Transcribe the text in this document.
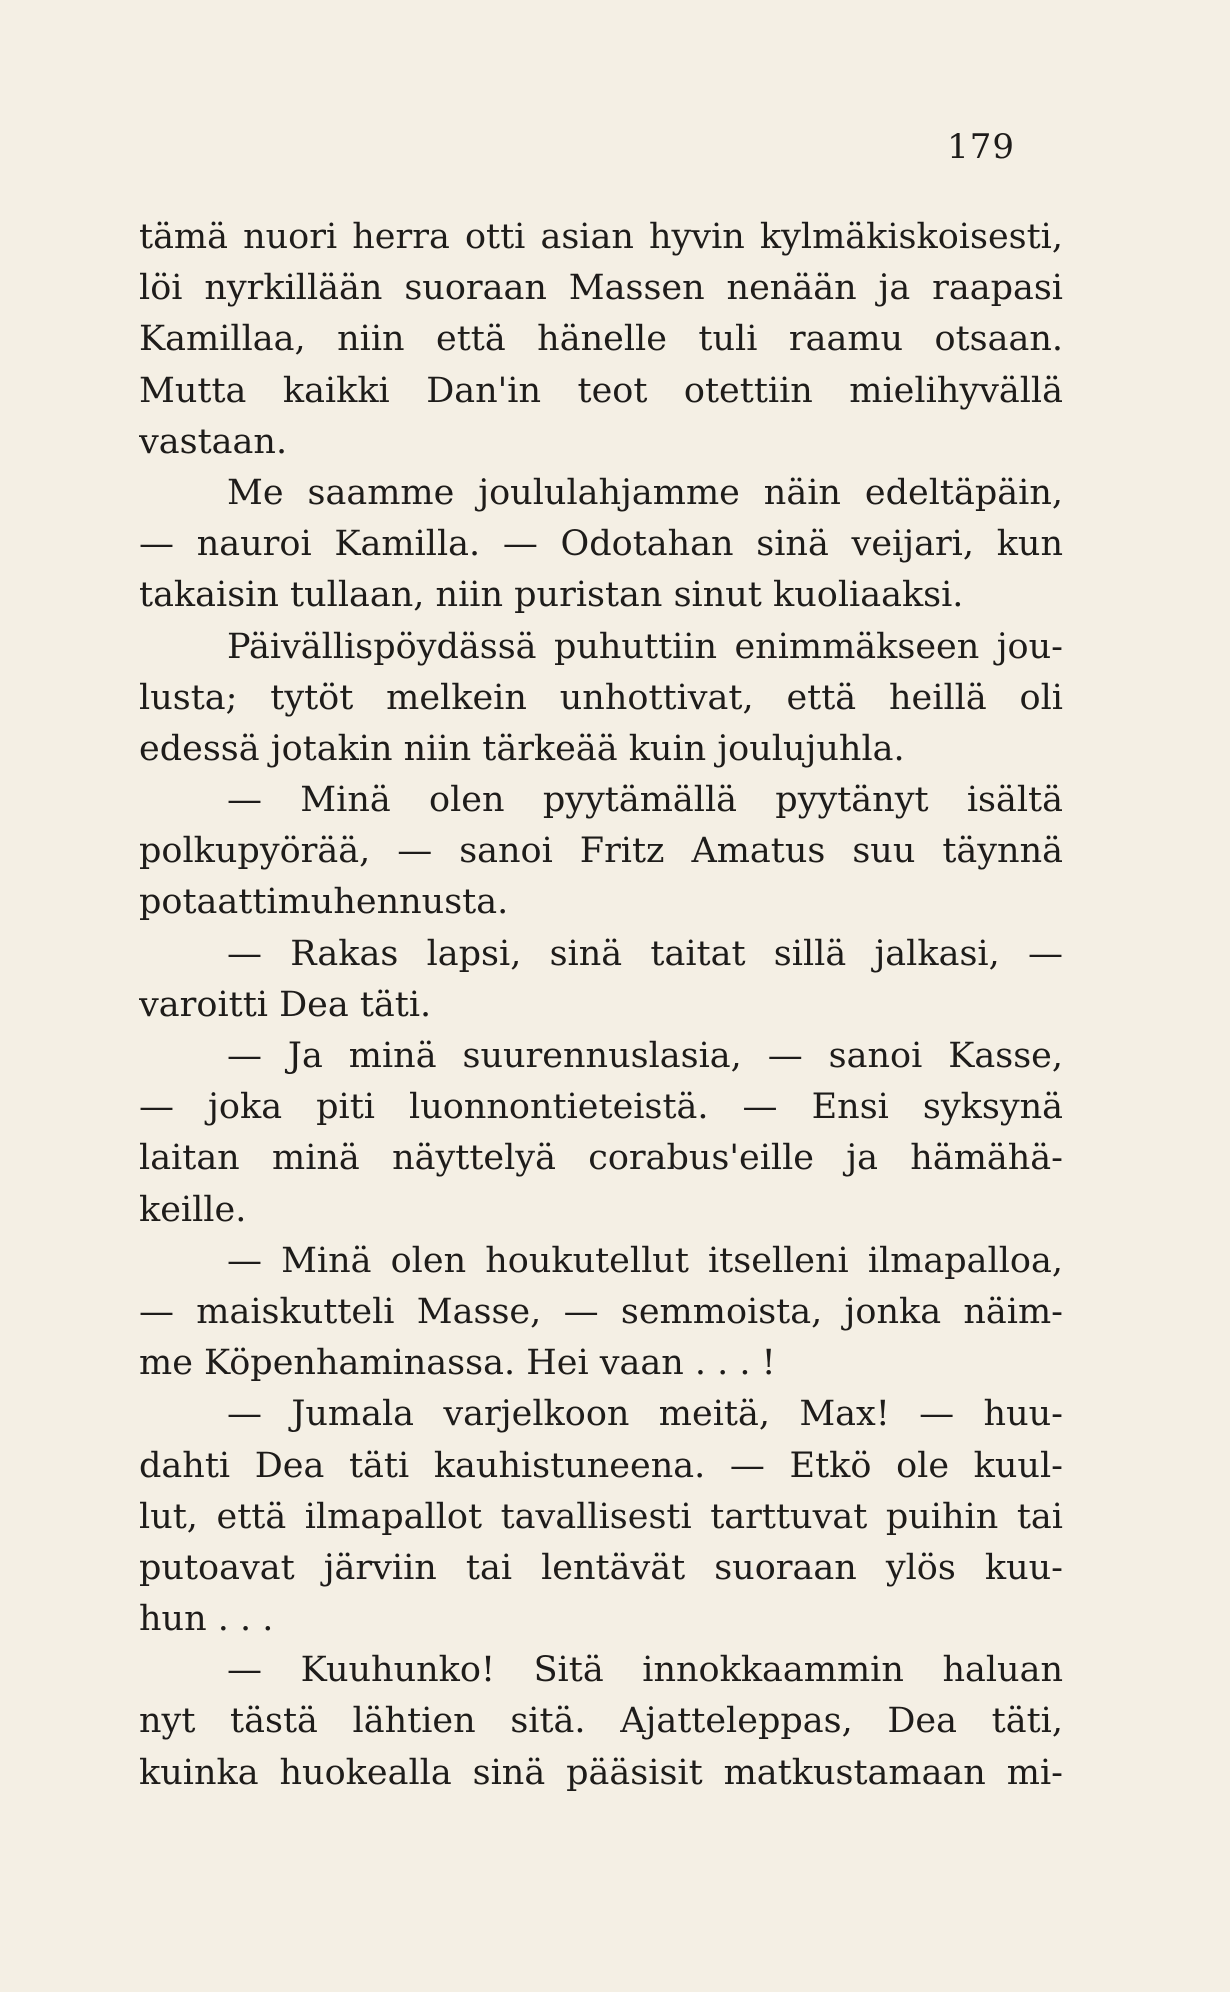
179
tämä nuori herra otti asian hyvin kylmäkiskoisesti,
löi nyrkillään suoraan Massen nenään ja raapasi
Kamillaa, niin että hänelle tuli raamu otsaan.
Mutta kaikki Dan'in teot otettiin mielihyvällä
vastaan.
Me saamme joululahjamme näin edeltäpäin,
— nauroi Kamilla. — Odotahan sinä veijari, kun
takaisin tullaan, niin puristan sinut kuoliaaksi.
Päivällispöydässä puhuttiin enimmäkseen jou-
lusta; tytöt melkein unhottivat, että heillä oli
edessä jotakin niin tärkeää kuin joulujuhla.
— Minä olen pyytämällä pyytänyt isältä
polkupyörää, — sanoi Fritz Amatus suu täynnä
potaattimuhennusta.
— Rakas lapsi, sinä taitat sillä jalkasi, —
varoitti Dea täti.
— Ja minä suurennuslasia, — sanoi Kasse,
— joka piti luonnontieteistä. — Ensi syksynä
laitan minä näyttelyä corabus'eille ja hämähä-
keille.
— Minä olen houkutellut itselleni ilmapalloa,
— maiskutteli Masse, — semmoista, jonka näim-
me Köpenhaminassa. Hei vaan . . . !
— Jumala varjelkoon meitä, Max! — huu-
dahti Dea täti kauhistuneena. — Etkö ole kuul-
lut, että ilmapallot tavallisesti tarttuvat puihin tai
putoavat järviin tai lentävät suoraan ylös kuu-
hun . . .
— Kuuhunko! Sitä innokkaammin haluan
nyt tästä lähtien sitä. Ajatteleppas, Dea täti,
kuinka huokealla sinä pääsisit matkustamaan mi-
